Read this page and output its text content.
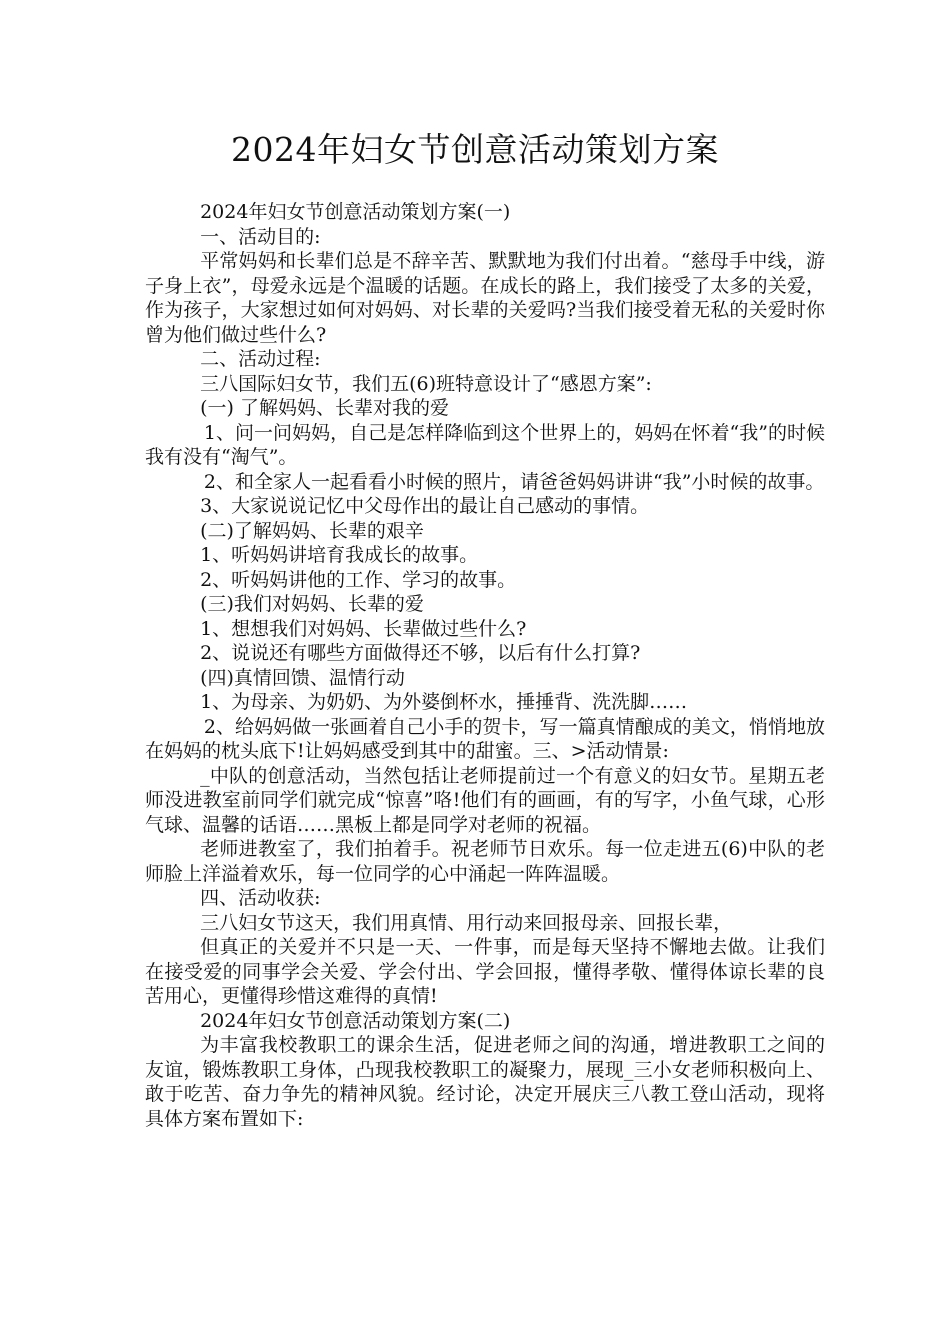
2024年妇女节创意活动策划方案

2024年妇女节创意活动策划方案(一)

一、活动目的:

平常妈妈和长辈们总是不辞辛苦、默默地为我们付出着。“慈母手中线，游子身上衣”，母爱永远是个温暖的话题。在成长的路上，我们接受了太多的关爱，作为孩子，大家想过如何对妈妈、对长辈的关爱吗?当我们接受着无私的关爱时你曾为他们做过些什么?

二、活动过程:

三八国际妇女节，我们五(6)班特意设计了“感恩方案”:

(一) 了解妈妈、长辈对我的爱

1、问一问妈妈，自己是怎样降临到这个世界上的，妈妈在怀着“我”的时候我有没有“淘气”。

2、和全家人一起看看小时候的照片，请爸爸妈妈讲讲“我”小时候的故事。

3、大家说说记忆中父母作出的最让自己感动的事情。

(二)了解妈妈、长辈的艰辛

1、听妈妈讲培育我成长的故事。

2、听妈妈讲他的工作、学习的故事。

(三)我们对妈妈、长辈的爱

1、想想我们对妈妈、长辈做过些什么?

2、说说还有哪些方面做得还不够，以后有什么打算?

(四)真情回馈、温情行动

1、为母亲、为奶奶、为外婆倒杯水，捶捶背、洗洗脚……

2、给妈妈做一张画着自己小手的贺卡，写一篇真情酿成的美文，悄悄地放在妈妈的枕头底下!让妈妈感受到其中的甜蜜。三、>活动情景:

_中队的创意活动，当然包括让老师提前过一个有意义的妇女节。星期五老师没进教室前同学们就完成“惊喜”咯!他们有的画画，有的写字，小鱼气球，心形气球、温馨的话语……黑板上都是同学对老师的祝福。

老师进教室了，我们拍着手。祝老师节日欢乐。每一位走进五(6)中队的老师脸上洋溢着欢乐，每一位同学的心中涌起一阵阵温暖。

四、活动收获:

三八妇女节这天，我们用真情、用行动来回报母亲、回报长辈，

但真正的关爱并不只是一天、一件事，而是每天坚持不懈地去做。让我们在接受爱的同事学会关爱、学会付出、学会回报，懂得孝敬、懂得体谅长辈的良苦用心，更懂得珍惜这难得的真情!

2024年妇女节创意活动策划方案(二)

为丰富我校教职工的课余生活，促进老师之间的沟通，增进教职工之间的友谊，锻炼教职工身体，凸现我校教职工的凝聚力，展现_三小女老师积极向上、敢于吃苦、奋力争先的精神风貌。经讨论，决定开展庆三八教工登山活动，现将具体方案布置如下:
